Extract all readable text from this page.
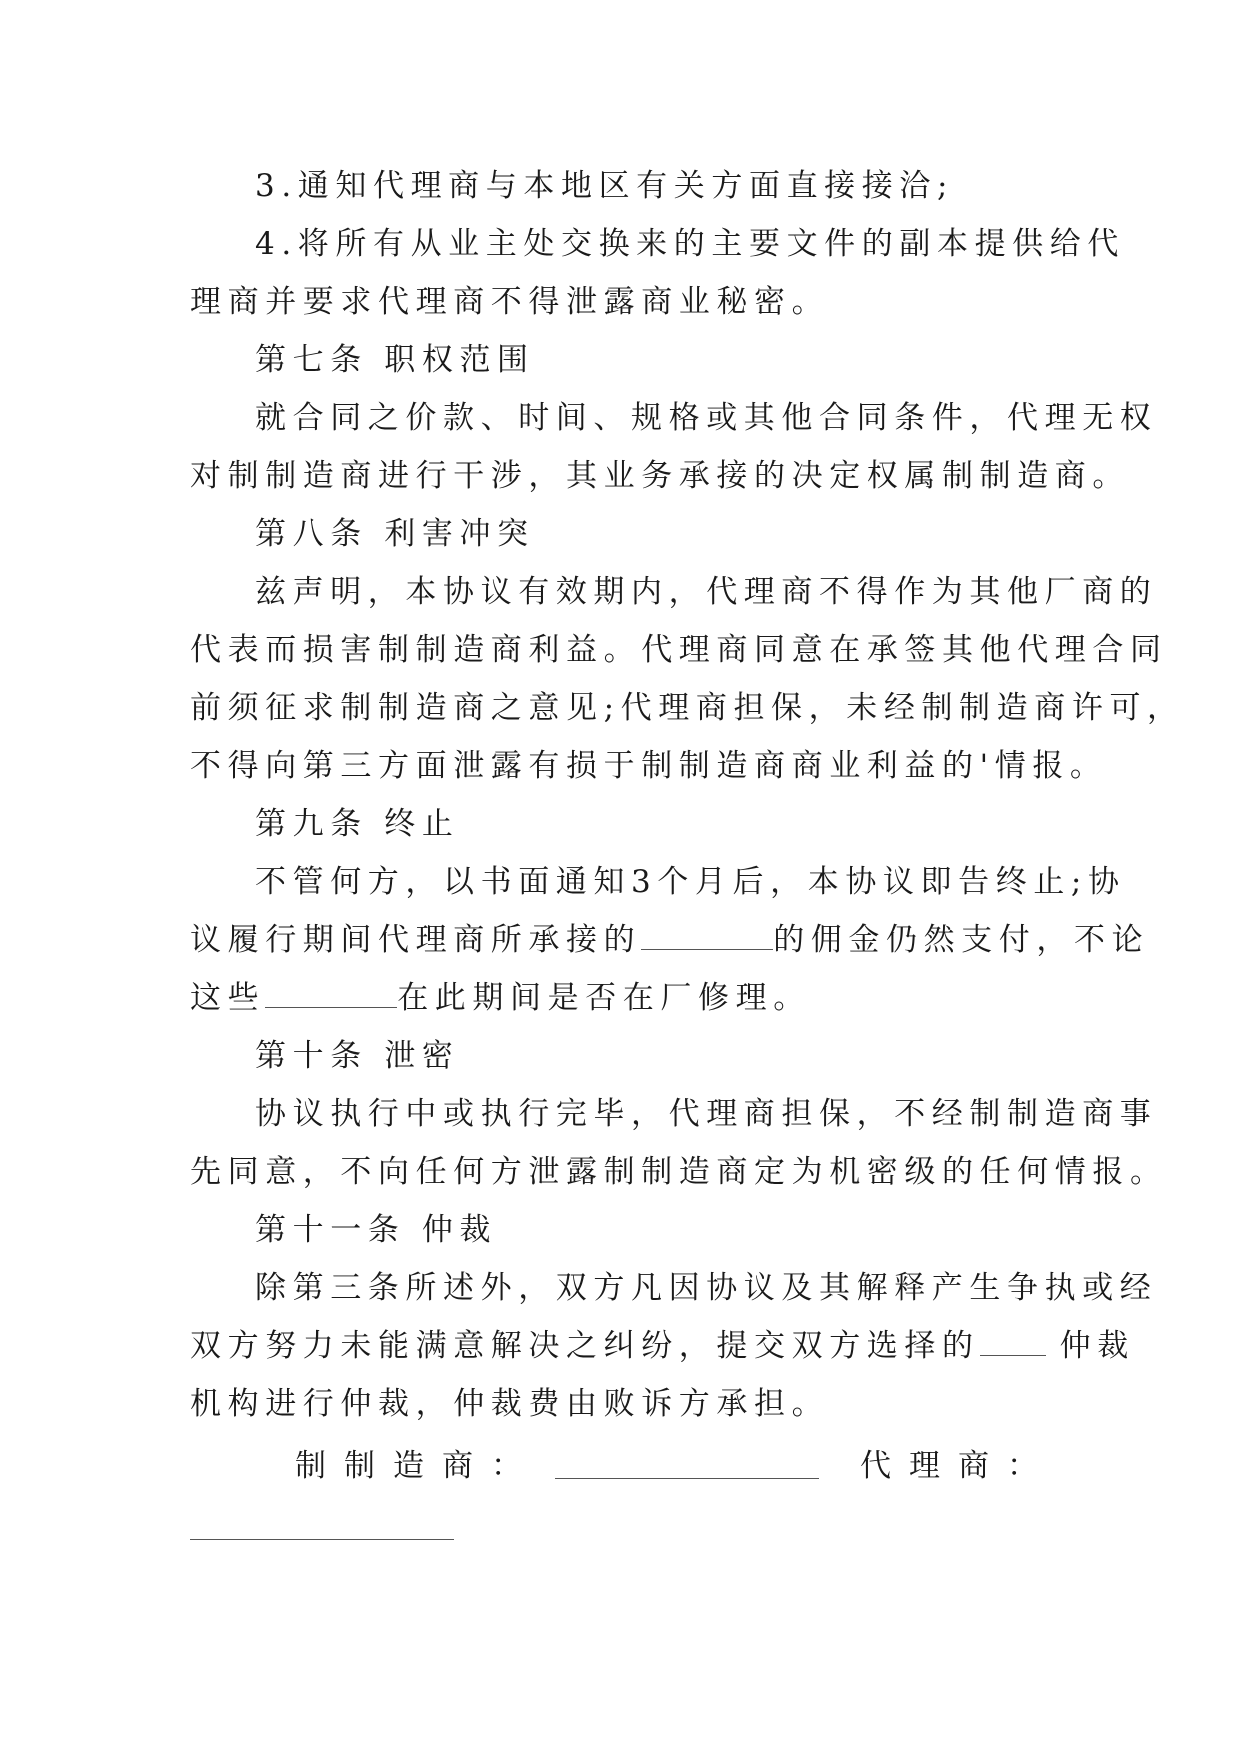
3.通知代理商与本地区有关方面直接接洽;
4.将所有从业主处交换来的主要文件的副本提供给代
理商并要求代理商不得泄露商业秘密。
第七条 职权范围
就合同之价款、时间、规格或其他合同条件，代理无权
对制制造商进行干涉，其业务承接的决定权属制制造商。
第八条 利害冲突
兹声明，本协议有效期内，代理商不得作为其他厂商的
代表而损害制制造商利益。代理商同意在承签其他代理合同
前须征求制制造商之意见;代理商担保，未经制制造商许可，
不得向第三方面泄露有损于制制造商商业利益的'情报。
第九条 终止
不管何方，以书面通知3个月后，本协议即告终止;协
议履行期间代理商所承接的	的佣金仍然支付，不论
这些	在此期间是否在厂修理。
第十条 泄密
协议执行中或执行完毕，代理商担保，不经制制造商事
先同意，不向任何方泄露制制造商定为机密级的任何情报。
第十一条 仲裁
除第三条所述外，双方凡因协议及其解释产生争执或经
双方努力未能满意解决之纠纷，提交双方选择的	仲裁
机构进行仲裁，仲裁费由败诉方承担。
制制造商：	代理商：
